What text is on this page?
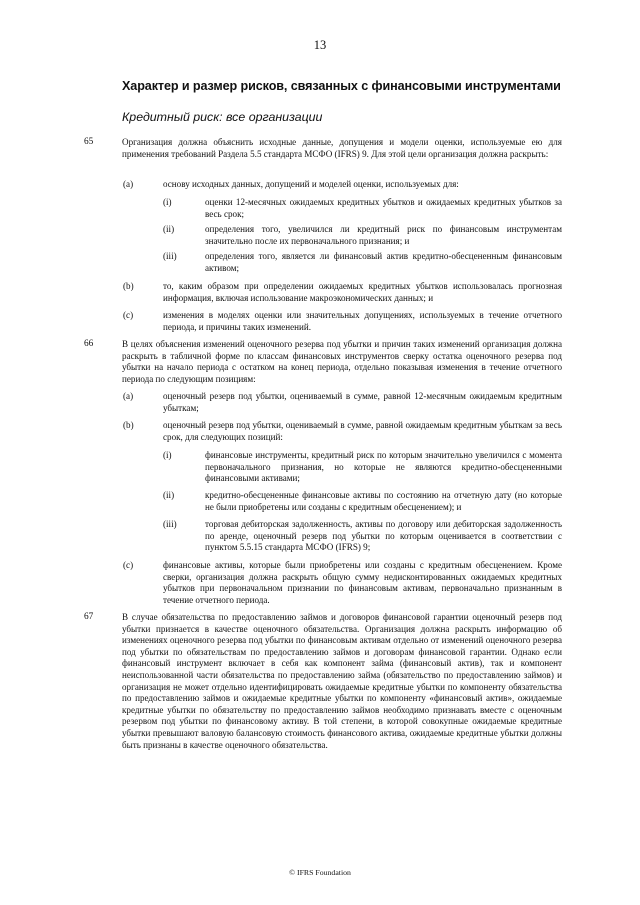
13
Характер и размер рисков, связанных с финансовыми инструментами
Кредитный риск: все организации
65	Организация должна объяснить исходные данные, допущения и модели оценки, используемые ею для применения требований Раздела 5.5 стандарта МСФО (IFRS) 9. Для этой цели организация должна раскрыть:
(a)	основу исходных данных, допущений и моделей оценки, используемых для:
(i)	оценки 12-месячных ожидаемых кредитных убытков и ожидаемых кредитных убытков за весь срок;
(ii)	определения того, увеличился ли кредитный риск по финансовым инструментам значительно после их первоначального признания; и
(iii)	определения того, является ли финансовый актив кредитно-обесцененным финансовым активом;
(b)	то, каким образом при определении ожидаемых кредитных убытков использовалась прогнозная информация, включая использование макроэкономических данных; и
(c)	изменения в моделях оценки или значительных допущениях, используемых в течение отчетного периода, и причины таких изменений.
66	В целях объяснения изменений оценочного резерва под убытки и причин таких изменений организация должна раскрыть в табличной форме по классам финансовых инструментов сверку остатка оценочного резерва под убытки на начало периода с остатком на конец периода, отдельно показывая изменения в течение отчетного периода по следующим позициям:
(a)	оценочный резерв под убытки, оцениваемый в сумме, равной 12-месячным ожидаемым кредитным убыткам;
(b)	оценочный резерв под убытки, оцениваемый в сумме, равной ожидаемым кредитным убыткам за весь срок, для следующих позиций:
(i)	финансовые инструменты, кредитный риск по которым значительно увеличился с момента первоначального признания, но которые не являются кредитно-обесцененными финансовыми активами;
(ii)	кредитно-обесцененные финансовые активы по состоянию на отчетную дату (но которые не были приобретены или созданы с кредитным обесценением); и
(iii)	торговая дебиторская задолженность, активы по договору или дебиторская задолженность по аренде, оценочный резерв под убытки по которым оценивается в соответствии с пунктом 5.5.15 стандарта МСФО (IFRS) 9;
(c)	финансовые активы, которые были приобретены или созданы с кредитным обесценением. Кроме сверки, организация должна раскрыть общую сумму недисконтированных ожидаемых кредитных убытков при первоначальном признании по финансовым активам, первоначально признанным в течение отчетного периода.
67	В случае обязательства по предоставлению займов и договоров финансовой гарантии оценочный резерв под убытки признается в качестве оценочного обязательства. Организация должна раскрыть информацию об изменениях оценочного резерва под убытки по финансовым активам отдельно от изменений оценочного резерва под убытки по обязательствам по предоставлению займов и договорам финансовой гарантии. Однако если финансовый инструмент включает в себя как компонент займа (финансовый актив), так и компонент неиспользованной части обязательства по предоставлению займа (обязательство по предоставлению займов) и организация не может отдельно идентифицировать ожидаемые кредитные убытки по компоненту обязательства по предоставлению займов и ожидаемые кредитные убытки по компоненту «финансовый актив», ожидаемые кредитные убытки по обязательству по предоставлению займов необходимо признавать вместе с оценочным резервом под убытки по финансовому активу. В той степени, в которой совокупные ожидаемые кредитные убытки превышают валовую балансовую стоимость финансового актива, ожидаемые кредитные убытки должны быть признаны в качестве оценочного обязательства.
© IFRS Foundation
